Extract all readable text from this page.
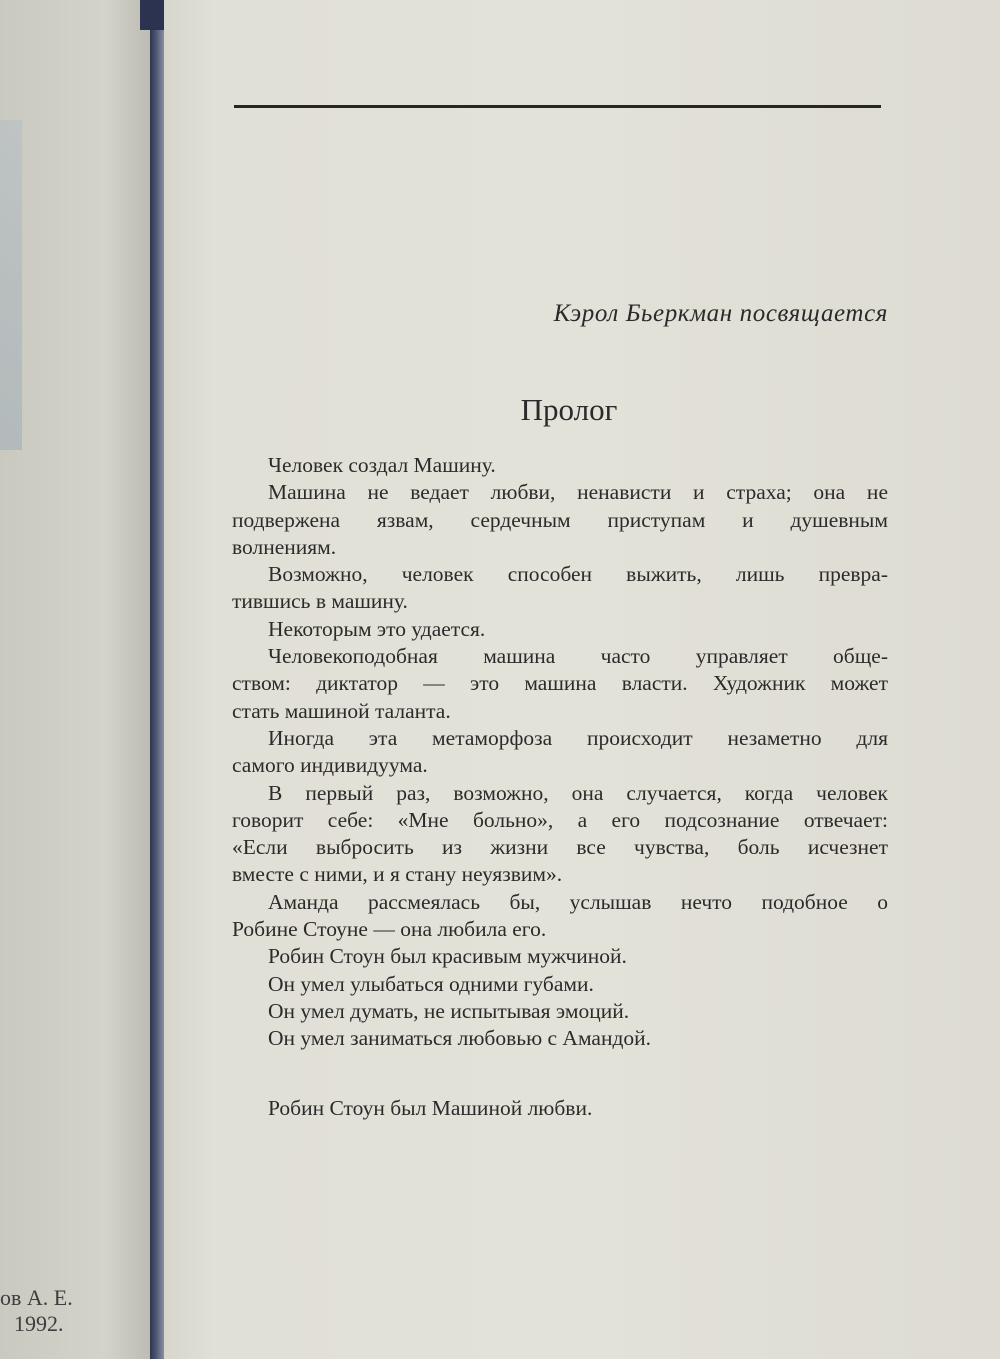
ов А. Е.
1992.
Кэрол Бьеркман посвящается
Пролог
Человек создал Машину.
Машина не ведает любви, ненависти и страха; она не
подвержена язвам, сердечным приступам и душевным
волнениям.
Возможно, человек способен выжить, лишь превра-
тившись в машину.
Некоторым это удается.
Человекоподобная машина часто управляет обще-
ством: диктатор — это машина власти. Художник может
стать машиной таланта.
Иногда эта метаморфоза происходит незаметно для
самого индивидуума.
В первый раз, возможно, она случается, когда человек
говорит себе: «Мне больно», а его подсознание отвечает:
«Если выбросить из жизни все чувства, боль исчезнет
вместе с ними, и я стану неуязвим».
Аманда рассмеялась бы, услышав нечто подобное о
Робине Стоуне — она любила его.
Робин Стоун был красивым мужчиной.
Он умел улыбаться одними губами.
Он умел думать, не испытывая эмоций.
Он умел заниматься любовью с Амандой.
Робин Стоун был Машиной любви.
